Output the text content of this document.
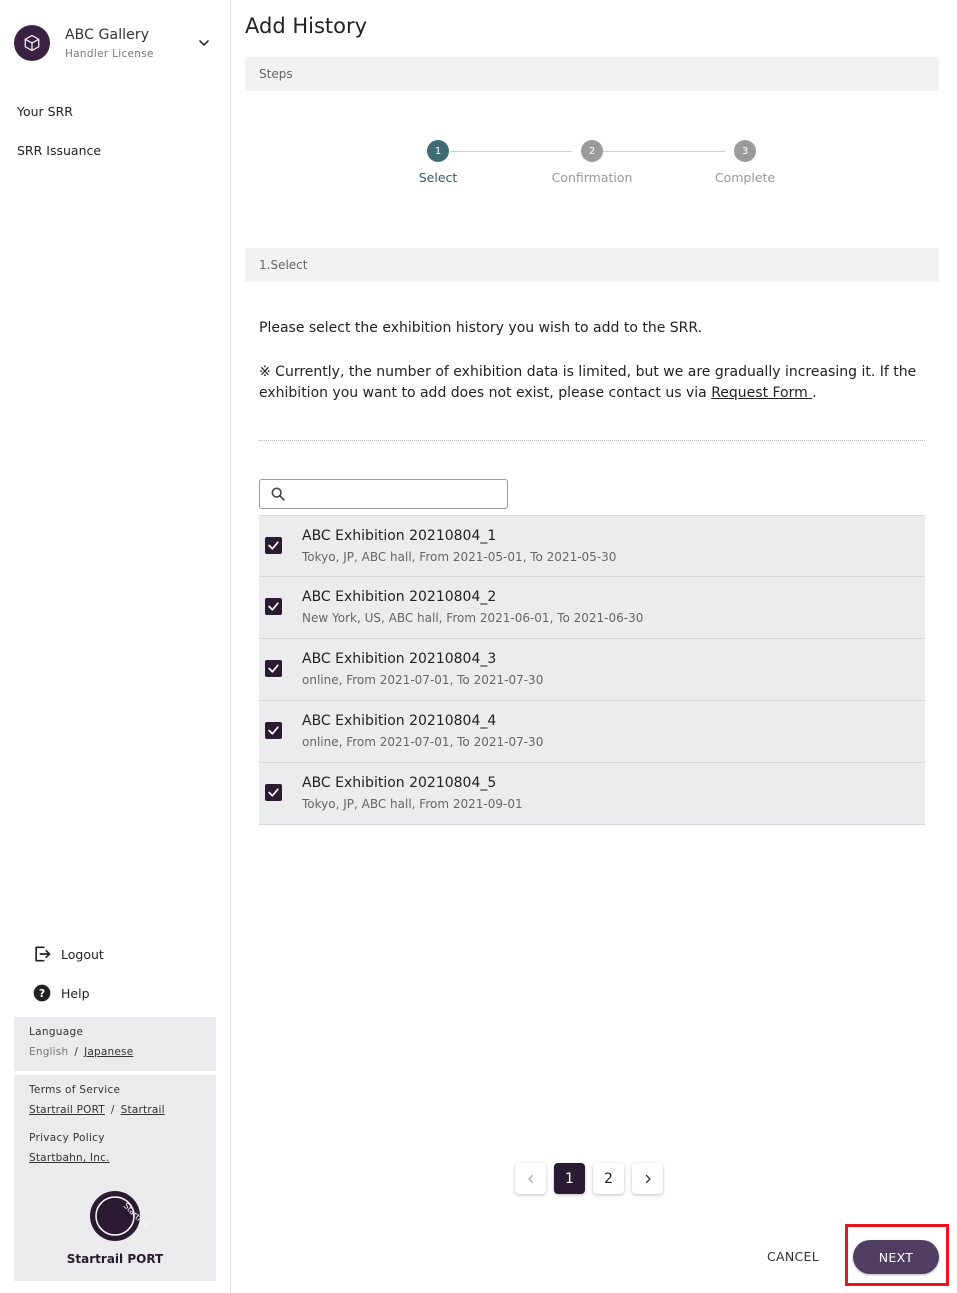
ABC Gallery
Handler License
Your SRR
SRR Issuance
Logout
? Help
Language
English / Japanese
Terms of Service
Startrail PORT / Startrail
Privacy Policy
Startbahn, Inc.
Startrail
Startrail PORT
Add History
Steps
1
Select
2
Confirmation
3
Complete
1.Select

Please select the exhibition history you wish to add to the SRR.

※ Currently, the number of exhibition data is limited, but we are gradually increasing it. If the exhibition you want to add does not exist, please contact us via Request Form .

ABC Exhibition 20210804_1
Tokyo, JP, ABC hall, From 2021-05-01, To 2021-05-30
ABC Exhibition 20210804_2
New York, US, ABC hall, From 2021-06-01, To 2021-06-30
ABC Exhibition 20210804_3
online, From 2021-07-01, To 2021-07-30
ABC Exhibition 20210804_4
online, From 2021-07-01, To 2021-07-30
ABC Exhibition 20210804_5
Tokyo, JP, ABC hall, From 2021-09-01
1	2
CANCEL	NEXT
